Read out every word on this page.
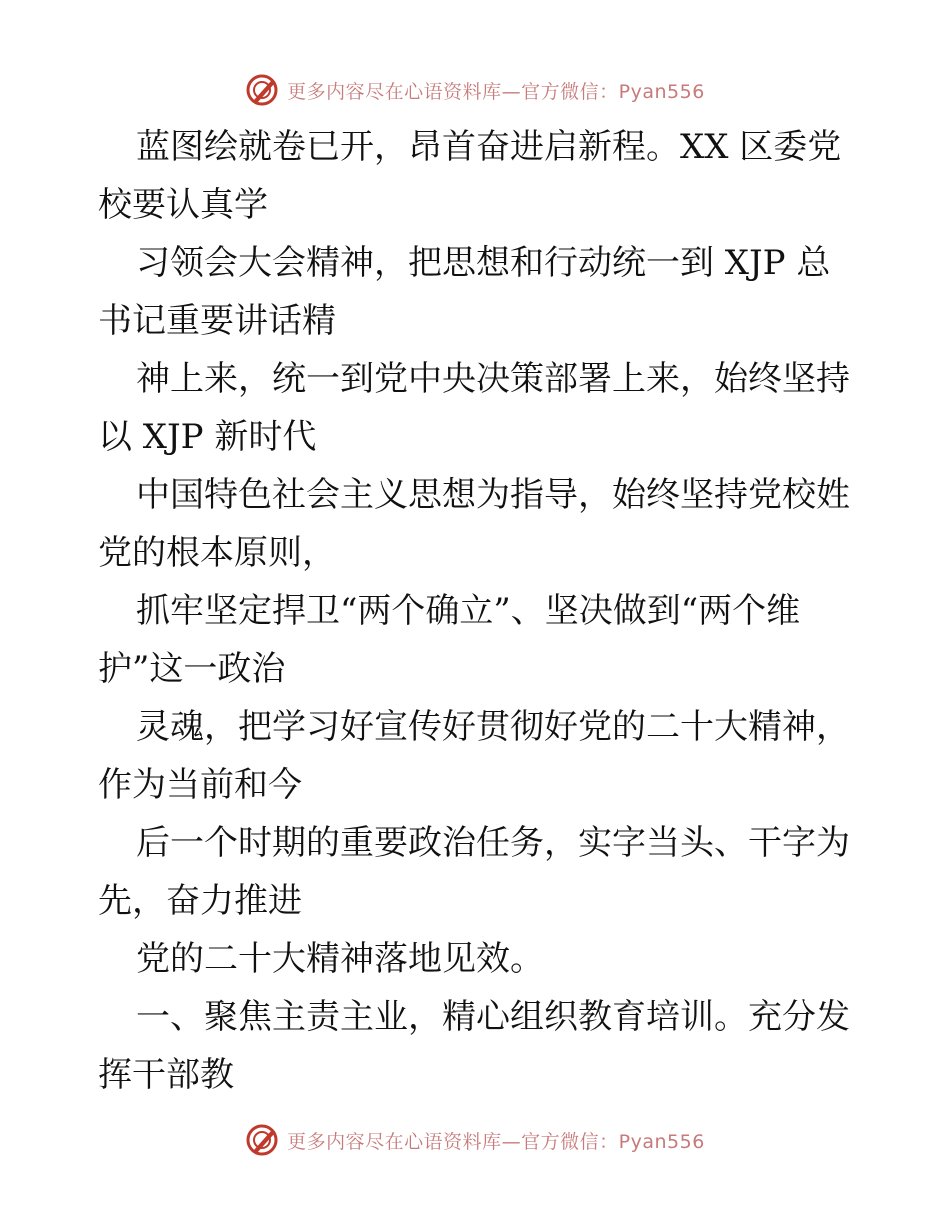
更多内容尽在心语资料库—官方微信：Pyan556
蓝图绘就卷已开，昂首奋进启新程。XX 区委党
校要认真学
习领会大会精神，把思想和行动统一到 XJP 总
书记重要讲话精
神上来，统一到党中央决策部署上来，始终坚持
以 XJP 新时代
中国特色社会主义思想为指导，始终坚持党校姓
党的根本原则，
抓牢坚定捍卫“两个确立”、坚决做到“两个维
护”这一政治
灵魂，把学习好宣传好贯彻好党的二十大精神，
作为当前和今
后一个时期的重要政治任务，实字当头、干字为
先，奋力推进
党的二十大精神落地见效。
一、聚焦主责主业，精心组织教育培训。充分发
挥干部教
更多内容尽在心语资料库—官方微信：Pyan556
